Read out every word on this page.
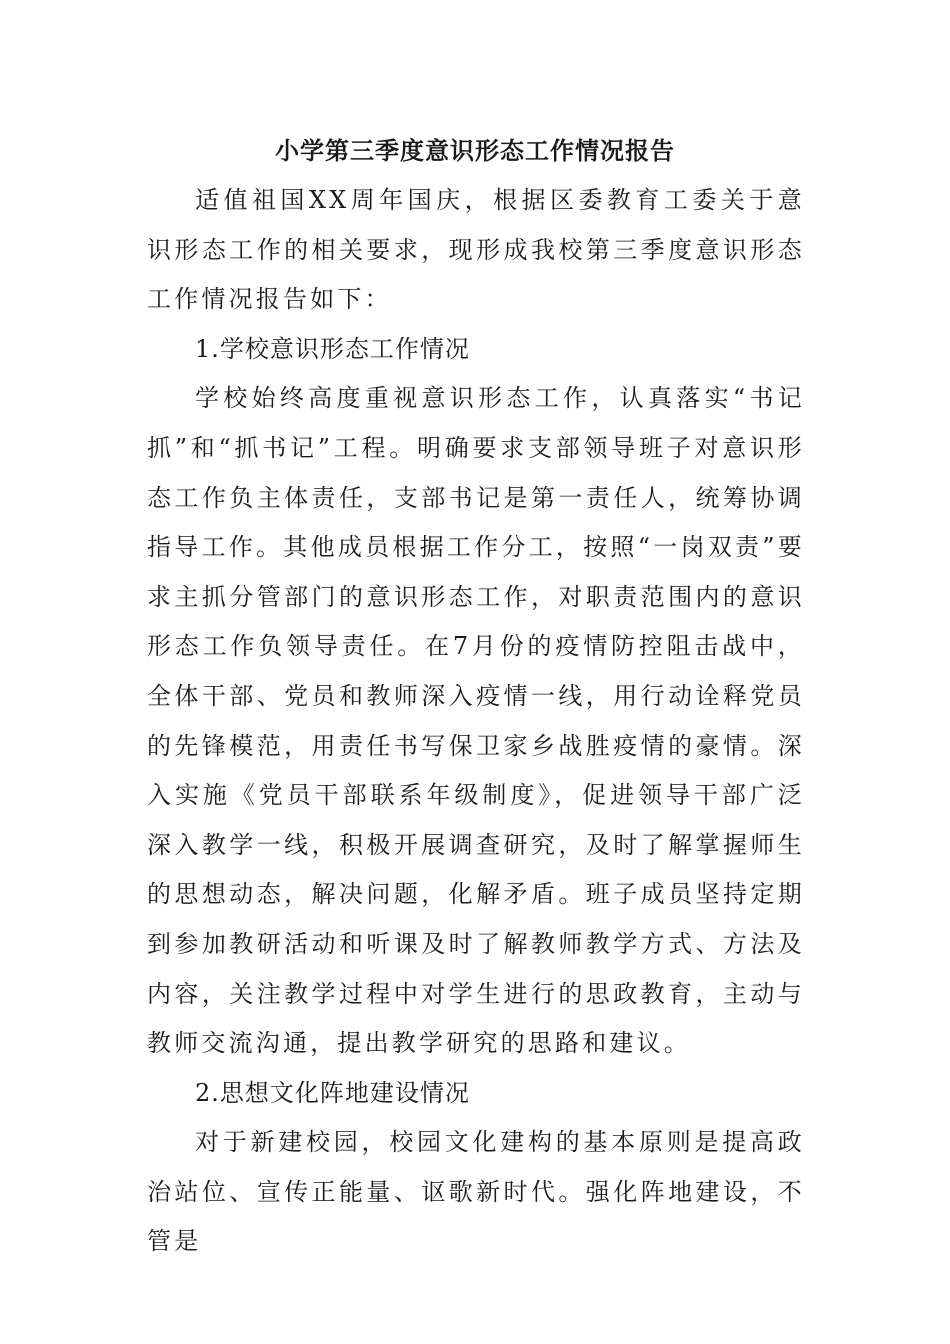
小学第三季度意识形态工作情况报告

适值祖国XX周年国庆，根据区委教育工委关于意识形态工作的相关要求，现形成我校第三季度意识形态工作情况报告如下：

1.学校意识形态工作情况

学校始终高度重视意识形态工作，认真落实“书记抓”和“抓书记”工程。明确要求支部领导班子对意识形态工作负主体责任，支部书记是第一责任人，统筹协调指导工作。其他成员根据工作分工，按照“一岗双责”要求主抓分管部门的意识形态工作，对职责范围内的意识形态工作负领导责任。在7月份的疫情防控阻击战中，全体干部、党员和教师深入疫情一线，用行动诠释党员的先锋模范，用责任书写保卫家乡战胜疫情的豪情。深入实施《党员干部联系年级制度》，促进领导干部广泛深入教学一线，积极开展调查研究，及时了解掌握师生的思想动态，解决问题，化解矛盾。班子成员坚持定期到参加教研活动和听课及时了解教师教学方式、方法及内容，关注教学过程中对学生进行的思政教育，主动与教师交流沟通，提出教学研究的思路和建议。

2.思想文化阵地建设情况

对于新建校园，校园文化建构的基本原则是提高政治站位、宣传正能量、讴歌新时代。强化阵地建设，不管是
